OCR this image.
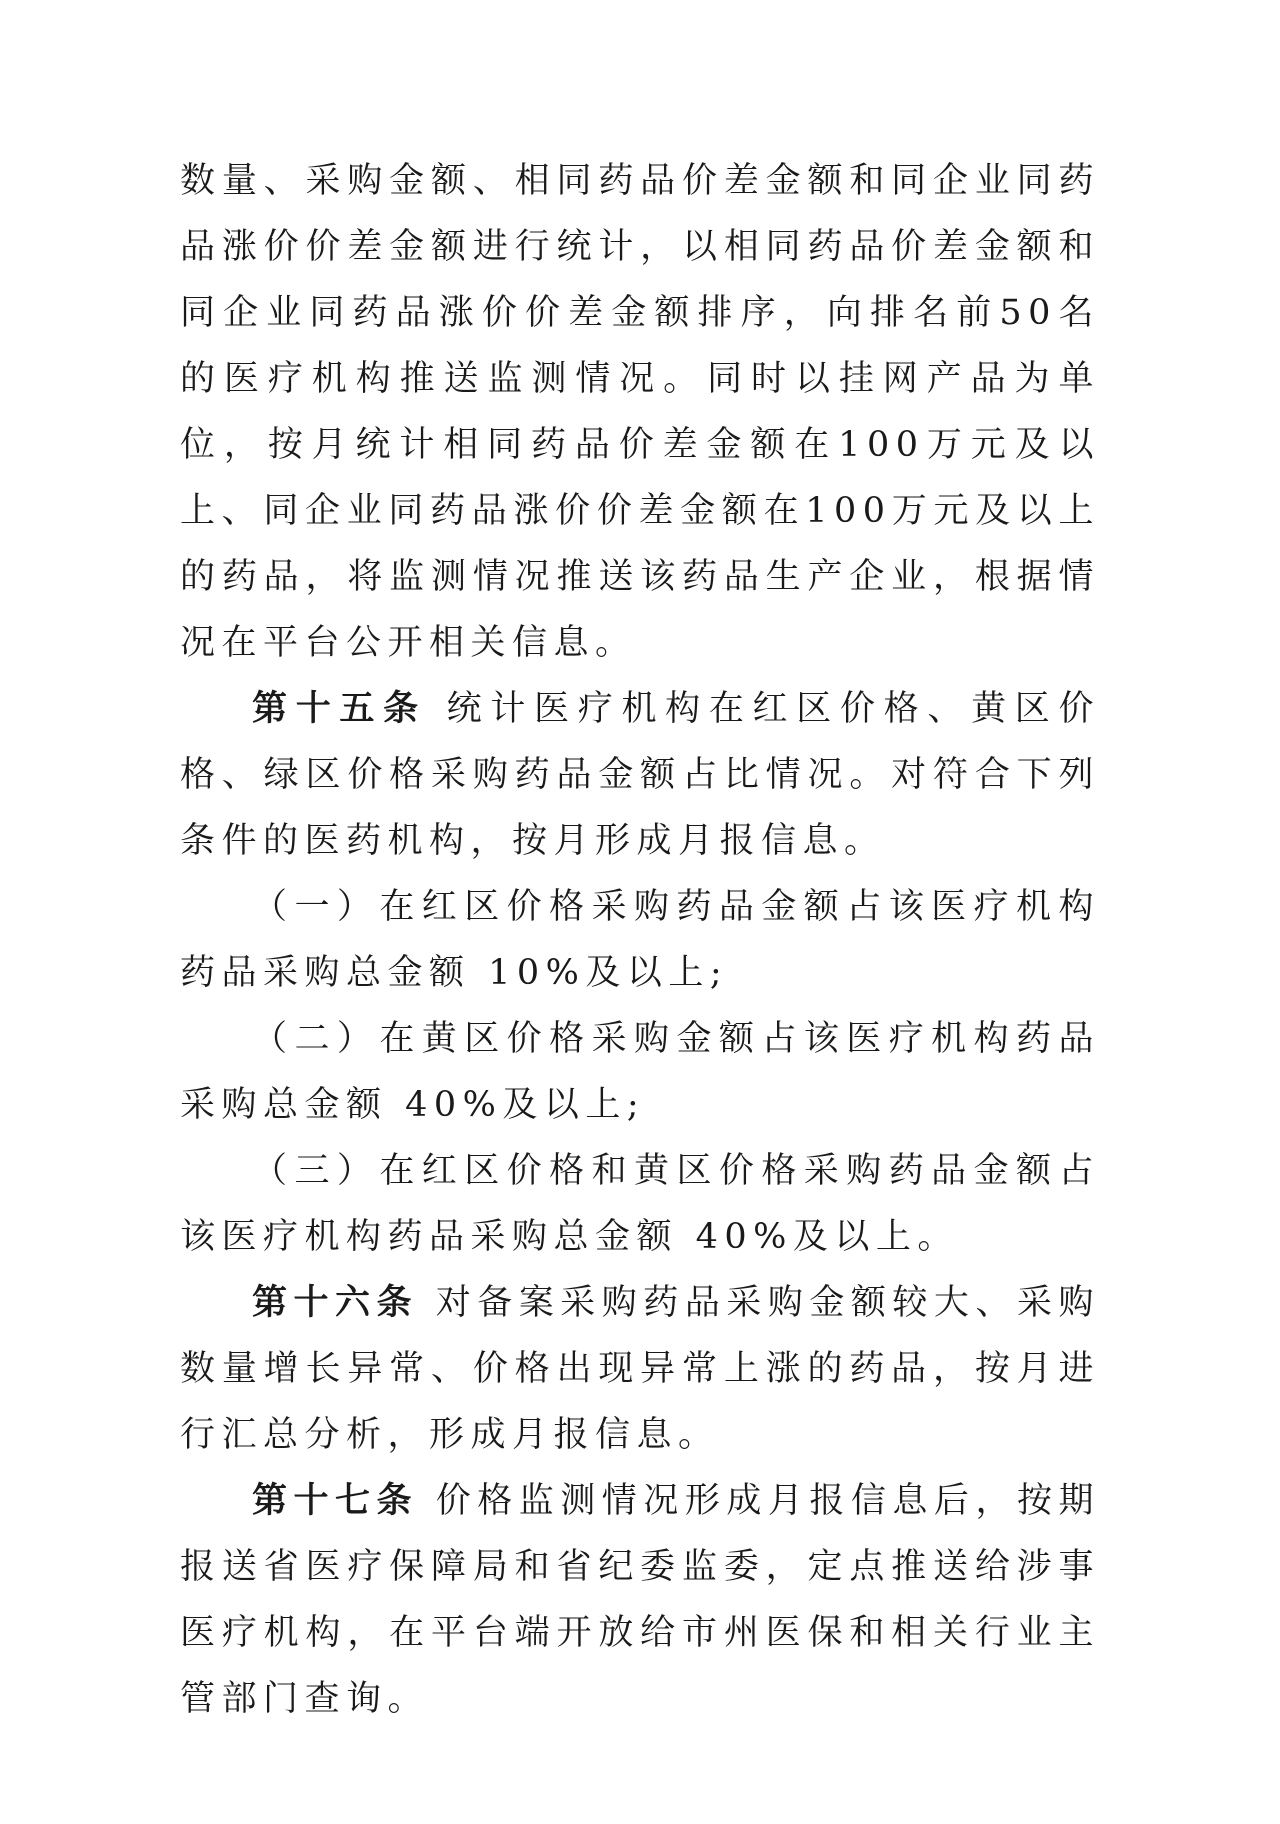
数量、采购金额、相同药品价差金额和同企业同药品涨价价差金额进行统计，以相同药品价差金额和同企业同药品涨价价差金额排序，向排名前50名的医疗机构推送监测情况。同时以挂网产品为单位，按月统计相同药品价差金额在100万元及以上、同企业同药品涨价价差金额在100万元及以上的药品，将监测情况推送该药品生产企业，根据情况在平台公开相关信息。

第十五条 统计医疗机构在红区价格、黄区价格、绿区价格采购药品金额占比情况。对符合下列条件的医药机构，按月形成月报信息。

（一）在红区价格采购药品金额占该医疗机构药品采购总金额 10%及以上;

（二）在黄区价格采购金额占该医疗机构药品采购总金额 40%及以上;

（三）在红区价格和黄区价格采购药品金额占该医疗机构药品采购总金额 40%及以上。

第十六条 对备案采购药品采购金额较大、采购数量增长异常、价格出现异常上涨的药品，按月进行汇总分析，形成月报信息。

第十七条 价格监测情况形成月报信息后，按期报送省医疗保障局和省纪委监委，定点推送给涉事医疗机构，在平台端开放给市州医保和相关行业主管部门查询。
